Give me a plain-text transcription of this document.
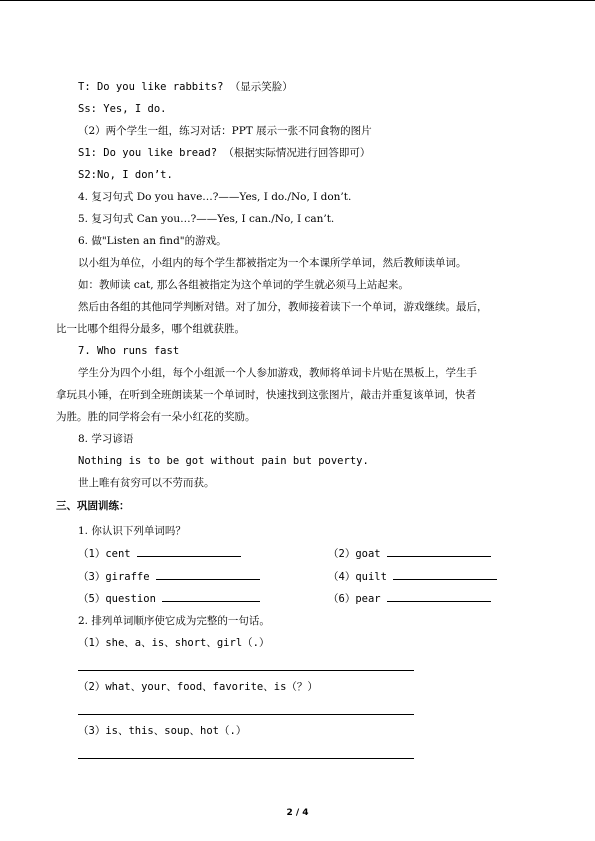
T: Do you like rabbits? （显示笑脸）
Ss: Yes, I do.
（2）两个学生一组，练习对话：PPT 展示一张不同食物的图片
S1: Do you like bread? （根据实际情况进行回答即可）
S2:No, I don’t.
4. 复习句式 Do you have…?——Yes, I do./No, I don’t.
5. 复习句式 Can you…?——Yes, I can./No, I can’t.
6. 做"Listen an find"的游戏。
以小组为单位，小组内的每个学生都被指定为一个本课所学单词，然后教师读单词。
如：教师读 cat, 那么各组被指定为这个单词的学生就必须马上站起来。
然后由各组的其他同学判断对错。对了加分，教师接着读下一个单词，游戏继续。最后，
比一比哪个组得分最多，哪个组就获胜。
7. Who runs fast
学生分为四个小组，每个小组派一个人参加游戏，教师将单词卡片贴在黑板上，学生手
拿玩具小锤，在听到全班朗读某一个单词时，快速找到这张图片，敲击并重复该单词，快者
为胜。胜的同学将会有一朵小红花的奖励。
8. 学习谚语
Nothing is to be got without pain but poverty.
世上唯有贫穷可以不劳而获。
三、巩固训练：
1. 你认识下列单词吗？
（1）cent	（2）goat
（3）giraffe	（4）quilt
（5）question	（6）pear
2. 排列单词顺序使它成为完整的一句话。
（1）she、a、is、short、girl（.）
（2）what、your、food、favorite、is（？）
（3）is、this、soup、hot（.）
2 / 4
